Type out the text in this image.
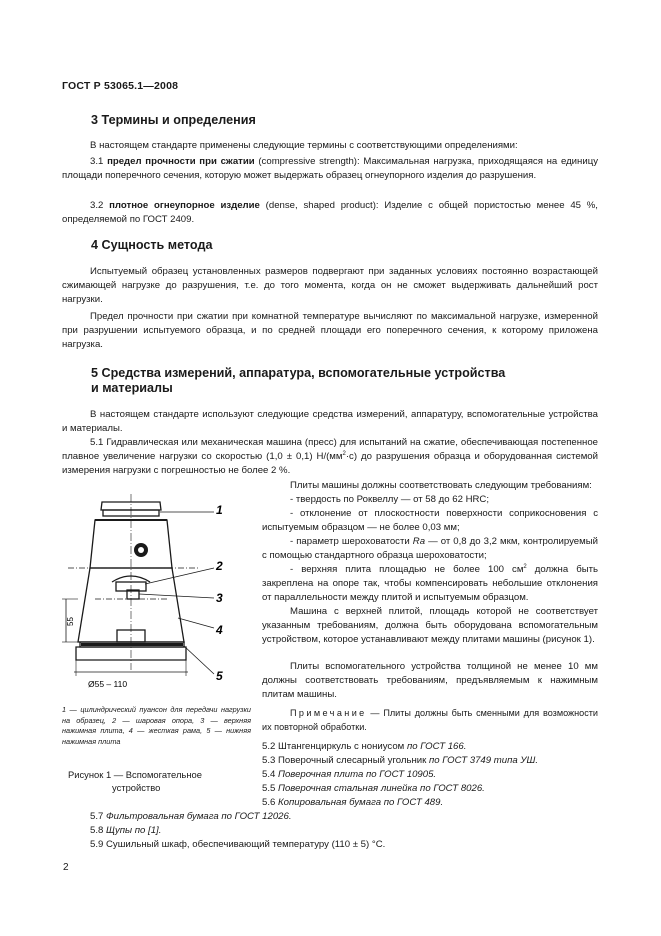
ГОСТ Р 53065.1—2008
3 Термины и определения
В настоящем стандарте применены следующие термины с соответствующими определениями:
3.1 предел прочности при сжатии (compressive strength): Максимальная нагрузка, приходящаяся на единицу площади поперечного сечения, которую может выдержать образец огнеупорного изделия до разрушения.
3.2 плотное огнеупорное изделие (dense, shaped product): Изделие с общей пористостью менее 45 %, определяемой по ГОСТ 2409.
4 Сущность метода
Испытуемый образец установленных размеров подвергают при заданных условиях постоянно возрастающей сжимающей нагрузке до разрушения, т.е. до того момента, когда он не сможет выдерживать дальнейший рост нагрузки.
Предел прочности при сжатии при комнатной температуре вычисляют по максимальной нагрузке, измеренной при разрушении испытуемого образца, и по средней площади его поперечного сечения, к которому приложена нагрузка.
5 Средства измерений, аппаратура, вспомогательные устройства
и материалы
В настоящем стандарте используют следующие средства измерений, аппаратуру, вспомогательные устройства и материалы.
5.1 Гидравлическая или механическая машина (пресс) для испытаний на сжатие, обеспечивающая постепенное плавное увеличение нагрузки со скоростью (1,0 ± 0,1) $Н/(мм^2\cdot с)$ до разрушения образца и оборудованная системой измерения нагрузки с погрешностью не более 2 %.
Плиты машины должны соответствовать следующим требованиям:
- твердость по Роквеллу — от 58 до 62 HRC;
- отклонение от плоскостности поверхности соприкосновения с испытуемым образцом — не более 0,03 мм;
- параметр шероховатости Ra — от 0,8 до 3,2 мкм, контролируемый с помощью стандартного образца шероховатости;
- верхняя плита площадью не более 100 $см^2$ должна быть закреплена на опоре так, чтобы компенсировать небольшие отклонения от параллельности между плитой и испытуемым образцом.
Машина с верхней плитой, площадь которой не соответствует указанным требованиям, должна быть оборудована вспомогательным устройством, которое устанавливают между плитами машины (рисунок 1).
Плиты вспомогательного устройства толщиной не менее 10 мм должны соответствовать требованиям, предъявляемым к нажимным плитам машины.
Примечание — Плиты должны быть сменными для возможности их повторной обработки.
5.2 Штангенциркуль с нониусом по ГОСТ 166.
5.3 Поверочный слесарный угольник по ГОСТ 3749 типа УШ.
5.4 Поверочная плита по ГОСТ 10905.
5.5 Поверочная стальная линейка по ГОСТ 8026.
5.6 Копировальная бумага по ГОСТ 489.
5.7 Фильтровальная бумага по ГОСТ 12026.
5.8 Щупы по [1].
5.9 Сушильный шкаф, обеспечивающий температуру (110 ± 5) °С.
1
2
3
4
5
55
Ø55 – 110
1 — цилиндрический пуансон для передачи нагрузки на образец, 2 — шаровая опора, 3 — верхняя нажимная плита, 4 — жесткая рама, 5 — нижняя нажимная плита
Рисунок 1 — Вспомогательное
устройство
2
